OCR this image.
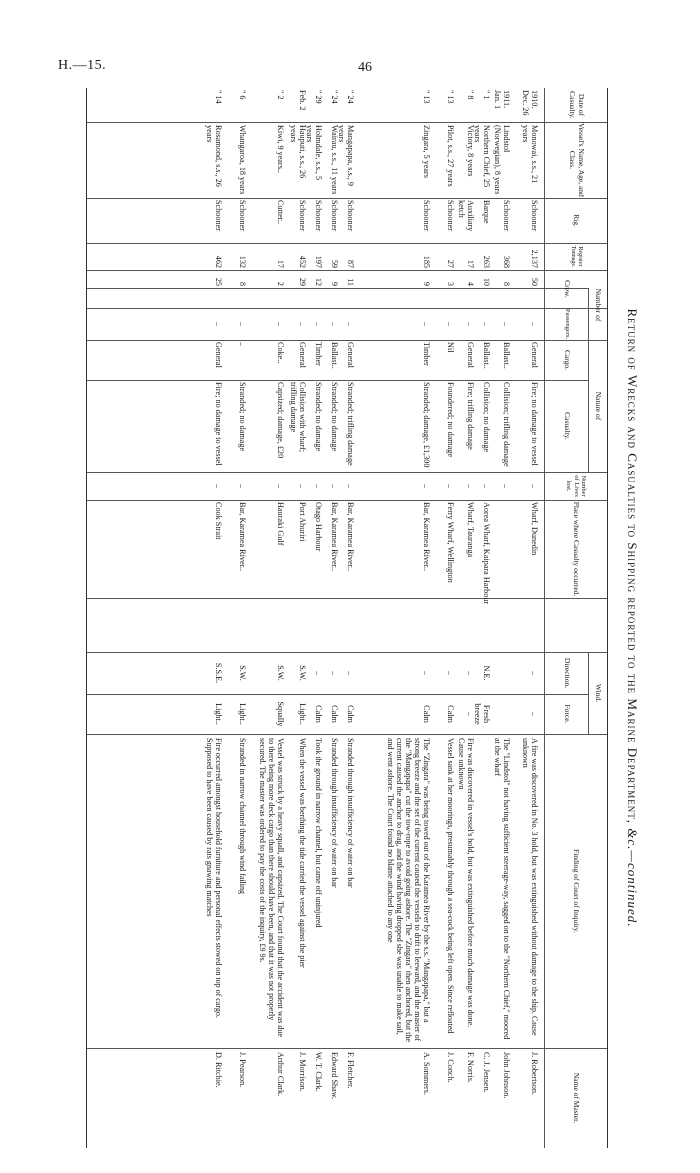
H.—15.	46
Return of Wrecks and Casualties to Shipping reported to the Marine Department, &c.—continued.
Date of Casualty.
Vessel's Name, Age, and Class.
Rig.
Register Tonnage.
Number of
Crew.
Passengers.
Nature of
Cargo.
Casualty.
Number of Lives lost.
Place where Casualty occurred.
Wind.
Direction.
Force.
Finding of Court of Inquiry.
Name of Master.
1910. Dec. 26
Monowai, s.s., 21 years
Schooner
2,137
50
..
General
Fire; no damage to vessel
..
Wharf, Dunedin
..
..
A fire was discovered in No. 3 hold, but was extinguished without damage to the ship. Cause unknown
J. Robertson.
1911. Jan. 1
Lindstol (Norwegian), 8 years
Schooner
368
8
..
Ballast..
Collision; trifling damage
..
The "Lindstol" not having sufficient steerage-way, sagged on to the "Northern Chief," moored at the wharf
John Johnson.
" 1
Northern Chief, 25 years
Barque
263
10
..
Ballast..
Collision; no damage
..
Aorea Wharf, Kaipara Harbour
N.E.
Fresh breeze
C. J. Jensen.
" 8
Victory, 8 years
Auxiliary ketch
17
4
..
General
Fire; trifling damage
..
Wharf, Tauranga
..
..
Fire was discovered in vessel's hold, but was extinguished before much damage was done. Cause unknown
F. Norris.
" 13
Pilot, s.s., 27 years
Schooner
27
3
..
Nil
Foundered; no damage
..
Ferry Wharf, Wellington
..
Calm
Vessel sank at her moorings, presumably through a sea-cock being left open. Since refloated
J. Conch.
" 13
Zingara, 5 years
Schooner
185
9
..
Timber
Stranded; damage, £1,300
..
Bar, Karamea River..
..
Calm
The "Zingara" was being towed out of the Karamea River by the s.s. "Mangapapa," but a strong breeze and the set of the current caused the vessels to drift to leeward, and the master of the "Mangapapa" cut the tow-rope to avoid going ashore. The "Zingara" then anchored, but the current caused the anchor to drag, and the wind having dropped she was unable to make sail, and went ashore. The Court found no blame attached to any one
A. Sommers.
" 24
Mangapapa, s.s., 9 years
Schooner
87
11
..
General
Stranded; trifling damage
..
Bar, Karamea River..
..
Calm
Stranded through insufficiency of water on bar
F. Fletcher.
" 24
Wairau, s.s., 11 years
Schooner
59
9
..
Ballast..
Stranded; no damage
..
Bar, Karamea River..
..
Calm
Stranded through insufficiency of water on bar
Edward Shaw.
" 29
Holmdale, s.s., 5 years
Schooner
197
12
..
Timber
Stranded; no damage
..
Otago Harbour
..
Calm
Took the ground in narrow channel, but came off uninjured
W. T. Clark.
Feb. 2
Hauputi, s.s., 26 years
Schooner
452
29
..
General
Collision with wharf; trifling damage
..
Port Ahuriri
S.W.
Light..
When the vessel was berthing the tide carried the vessel against the pier
J. Morrison.
" 2
Kiwi, 9 years..
Cutter..
17
2
..
Coke..
Capsized; damage, £20
..
Hauraki Gulf
S.W.
Squally
Vessel was struck by a heavy squall, and capsized. The Court found that the accident was due to there being more deck cargo than there should have been, and that it was not properly secured. The master was ordered to pay the costs of the inquiry, £9 9s.
Arthur Clark.
" 6
Whangaroa, 18 years
Schooner
132
8
..
..
Stranded; no damage
..
Bar, Karamea River..
S.W.
Light..
Stranded in narrow channel through wind failing
J. Pearson.
" 14
Rosamond, s.s., 26 years
Schooner
462
25
..
General
Fire; no damage to vessel
..
Cook Strait
S.S.E.
Light..
Fire occurred amongst household furniture and personal effects stowed on top of cargo. Supposed to have been caused by rats gnawing matches
D. Ritchie.
